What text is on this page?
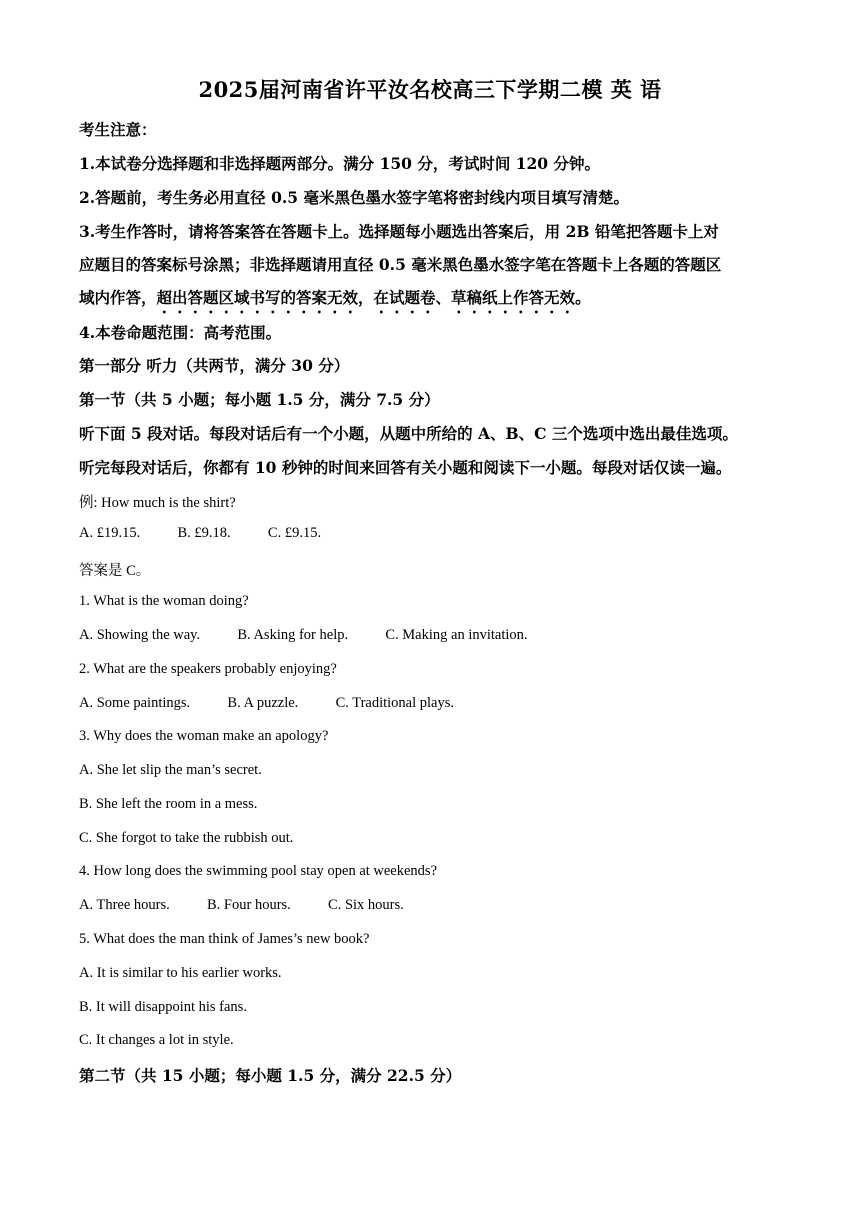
2025届河南省许平汝名校高三下学期二模 英 语
考生注意：
1.本试卷分选择题和非选择题两部分。满分 150 分，考试时间 120 分钟。
2.答题前，考生务必用直径 0.5 毫米黑色墨水签字笔将密封线内项目填写清楚。
3.考生作答时，请将答案答在答题卡上。选择题每小题选出答案后，用 2B 铅笔把答题卡上对
应题目的答案标号涂黑；非选择题请用直径 0.5 毫米黑色墨水签字笔在答题卡上各题的答题区
域内作答，超出答题区域书写的答案无效，在试题卷、草稿纸上作答无效。
4.本卷命题范围：高考范围。
第一部分 听力（共两节，满分 30 分）
第一节（共 5 小题；每小题 1.5 分，满分 7.5 分）
听下面 5 段对话。每段对话后有一个小题，从题中所给的 A、B、C 三个选项中选出最佳选项。
听完每段对话后，你都有 10 秒钟的时间来回答有关小题和阅读下一小题。每段对话仅读一遍。
例: How much is the shirt?
A. £19.15.	B. £9.18.	C. £9.15.
答案是 C。
1. What is the woman doing?
A. Showing the way.	B. Asking for help.	C. Making an invitation.
2. What are the speakers probably enjoying?
A. Some paintings.	B. A puzzle.	C. Traditional plays.
3. Why does the woman make an apology?
A. She let slip the man’s secret.
B. She left the room in a mess.
C. She forgot to take the rubbish out.
4. How long does the swimming pool stay open at weekends?
A. Three hours.	B. Four hours.	C. Six hours.
5. What does the man think of James’s new book?
A. It is similar to his earlier works.
B. It will disappoint his fans.
C. It changes a lot in style.
第二节（共 15 小题；每小题 1.5 分，满分 22.5 分）
